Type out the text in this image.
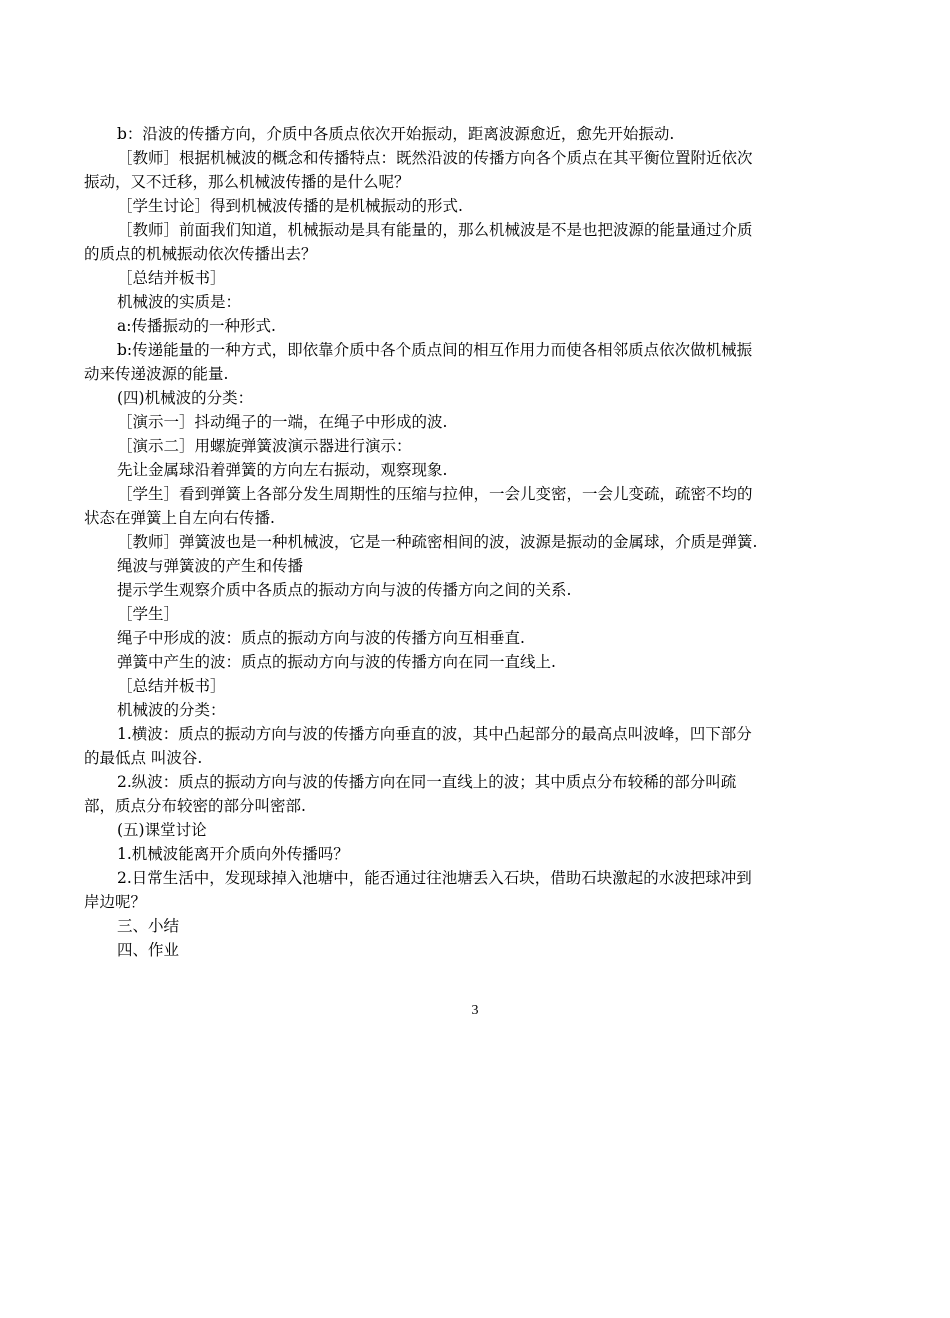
b：沿波的传播方向，介质中各质点依次开始振动，距离波源愈近，愈先开始振动.

［教师］根据机械波的概念和传播特点：既然沿波的传播方向各个质点在其平衡位置附近依次

振动，又不迁移，那么机械波传播的是什么呢？

［学生讨论］得到机械波传播的是机械振动的形式.

［教师］前面我们知道，机械振动是具有能量的，那么机械波是不是也把波源的能量通过介质

的质点的机械振动依次传播出去？

［总结并板书］

机械波的实质是：

a:传播振动的一种形式.

b:传递能量的一种方式，即依靠介质中各个质点间的相互作用力而使各相邻质点依次做机械振

动来传递波源的能量.

(四)机械波的分类：

［演示一］抖动绳子的一端，在绳子中形成的波.

［演示二］用螺旋弹簧波演示器进行演示：

先让金属球沿着弹簧的方向左右振动，观察现象.

［学生］看到弹簧上各部分发生周期性的压缩与拉伸，一会儿变密，一会儿变疏，疏密不均的

状态在弹簧上自左向右传播.

［教师］弹簧波也是一种机械波，它是一种疏密相间的波，波源是振动的金属球，介质是弹簧.

绳波与弹簧波的产生和传播

提示学生观察介质中各质点的振动方向与波的传播方向之间的关系.

［学生］

绳子中形成的波：质点的振动方向与波的传播方向互相垂直.

弹簧中产生的波：质点的振动方向与波的传播方向在同一直线上.

［总结并板书］

机械波的分类：

1.横波：质点的振动方向与波的传播方向垂直的波，其中凸起部分的最高点叫波峰，凹下部分

的最低点 叫波谷.

2.纵波：质点的振动方向与波的传播方向在同一直线上的波；其中质点分布较稀的部分叫疏

部，质点分布较密的部分叫密部.

(五)课堂讨论

1.机械波能离开介质向外传播吗？

2.日常生活中，发现球掉入池塘中，能否通过往池塘丢入石块，借助石块激起的水波把球冲到

岸边呢？

三、小结

四、作业

3
